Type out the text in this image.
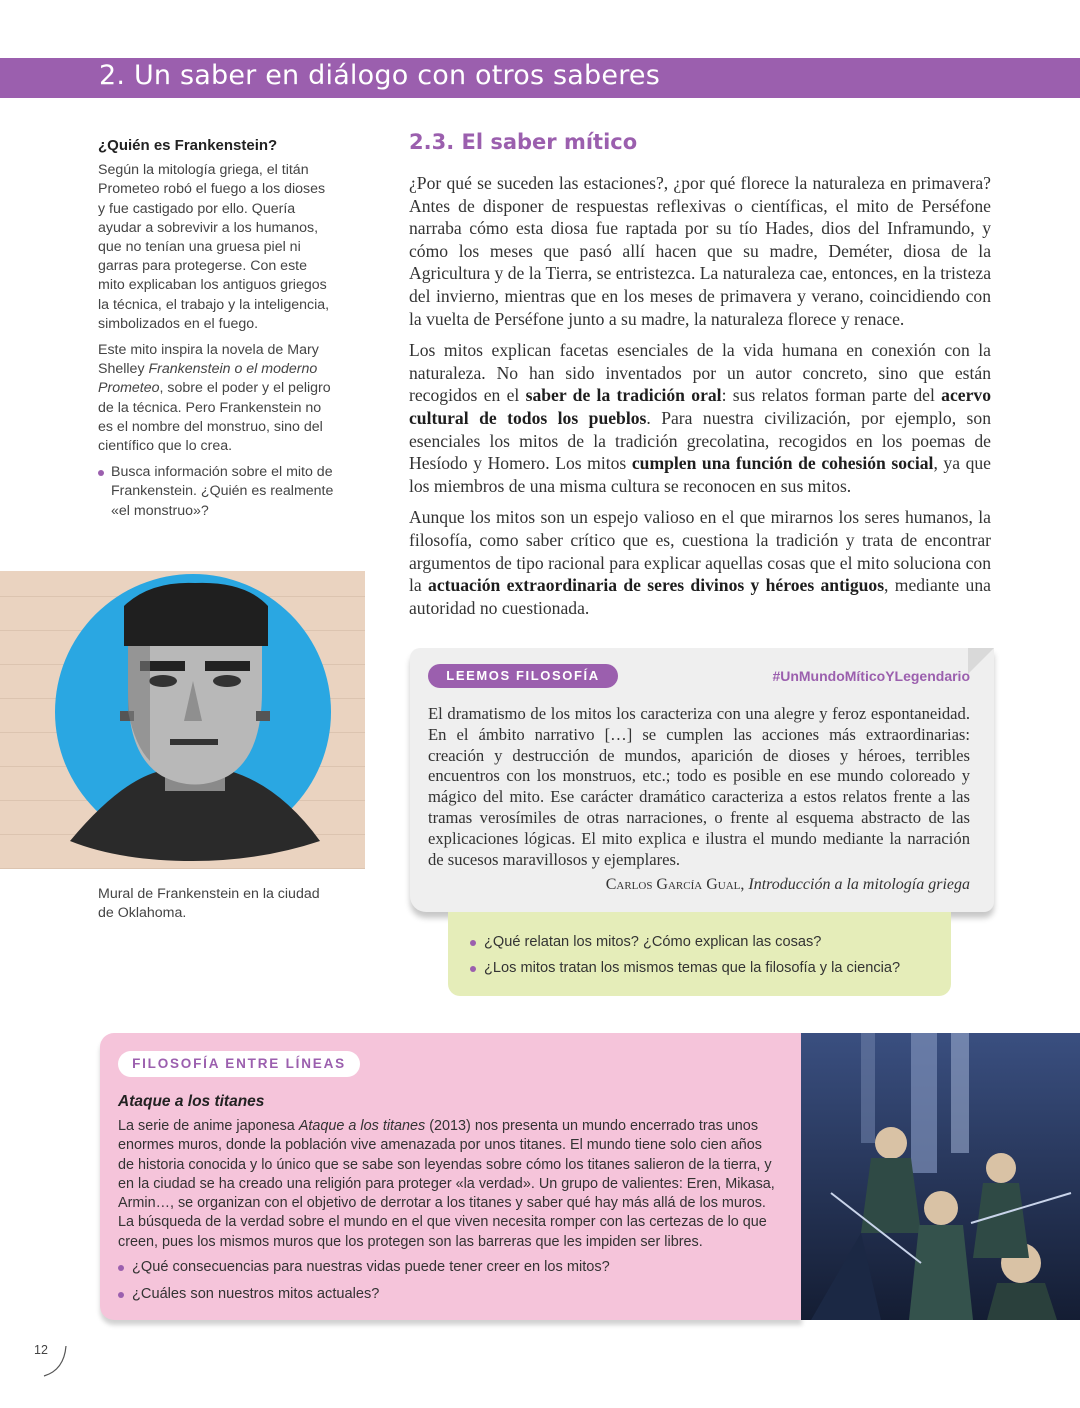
2. Un saber en diálogo con otros saberes
¿Quién es Frankenstein?

Según la mitología griega, el titán Prometeo robó el fuego a los dioses y fue castigado por ello. Quería ayudar a sobrevivir a los humanos, que no tenían una gruesa piel ni garras para protegerse. Con este mito explicaban los antiguos griegos la técnica, el trabajo y la inteligencia, simbolizados en el fuego.

Este mito inspira la novela de Mary Shelley Frankenstein o el moderno Prometeo, sobre el poder y el peligro de la técnica. Pero Frankenstein no es el nombre del monstruo, sino del científico que lo crea.

Busca información sobre el mito de Frankenstein. ¿Quién es realmente «el monstruo»?
Mural de Frankenstein en la ciudad de Oklahoma.
2.3. El saber mítico

¿Por qué se suceden las estaciones?, ¿por qué florece la naturaleza en primavera? Antes de disponer de respuestas reflexivas o científicas, el mito de Perséfone narraba cómo esta diosa fue raptada por su tío Hades, dios del Inframundo, y cómo los meses que pasó allí hacen que su madre, Deméter, diosa de la Agricultura y de la Tierra, se entristezca. La naturaleza cae, entonces, en la tristeza del invierno, mientras que en los meses de primavera y verano, coincidiendo con la vuelta de Perséfone junto a su madre, la naturaleza florece y renace.

Los mitos explican facetas esenciales de la vida humana en conexión con la naturaleza. No han sido inventados por un autor concreto, sino que están recogidos en el saber de la tradición oral: sus relatos forman parte del acervo cultural de todos los pueblos. Para nuestra civilización, por ejemplo, son esenciales los mitos de la tradición grecolatina, recogidos en los poemas de Hesíodo y Homero. Los mitos cumplen una función de cohesión social, ya que los miembros de una misma cultura se reconocen en sus mitos.

Aunque los mitos son un espejo valioso en el que mirarnos los seres humanos, la filosofía, como saber crítico que es, cuestiona la tradición y trata de encontrar argumentos de tipo racional para explicar aquellas cosas que el mito soluciona con la actuación extraordinaria de seres divinos y héroes antiguos, mediante una autoridad no cuestionada.

LEEMOS FILOSOFÍA	#UnMundoMíticoYLegendario
El dramatismo de los mitos los caracteriza con una alegre y feroz espontaneidad. En el ámbito narrativo […] se cumplen las acciones más extraordinarias: creación y destrucción de mundos, aparición de dioses y héroes, terribles encuentros con los monstruos, etc.; todo es posible en ese mundo coloreado y mágico del mito. Ese carácter dramático caracteriza a estos relatos frente a las tramas verosímiles de otras narraciones, o frente al esquema abstracto de las explicaciones lógicas. El mito explica e ilustra el mundo mediante la narración de sucesos maravillosos y ejemplares.
Carlos García Gual, Introducción a la mitología griega
¿Qué relatan los mitos? ¿Cómo explican las cosas?
¿Los mitos tratan los mismos temas que la filosofía y la ciencia?
FILOSOFÍA ENTRE LÍNEAS
Ataque a los titanes
La serie de anime japonesa Ataque a los titanes (2013) nos presenta un mundo encerrado tras unos enormes muros, donde la población vive amenazada por unos titanes. El mundo tiene solo cien años de historia conocida y lo único que se sabe son leyendas sobre cómo los titanes salieron de la tierra, y en la ciudad se ha creado una religión para proteger «la verdad». Un grupo de valientes: Eren, Mikasa, Armin…, se organizan con el objetivo de derrotar a los titanes y saber qué hay más allá de los muros. La búsqueda de la verdad sobre el mundo en el que viven necesita romper con las certezas de lo que creen, pues los mismos muros que los protegen son las barreras que les impiden ser libres.
¿Qué consecuencias para nuestras vidas puede tener creer en los mitos?
¿Cuáles son nuestros mitos actuales?
12
